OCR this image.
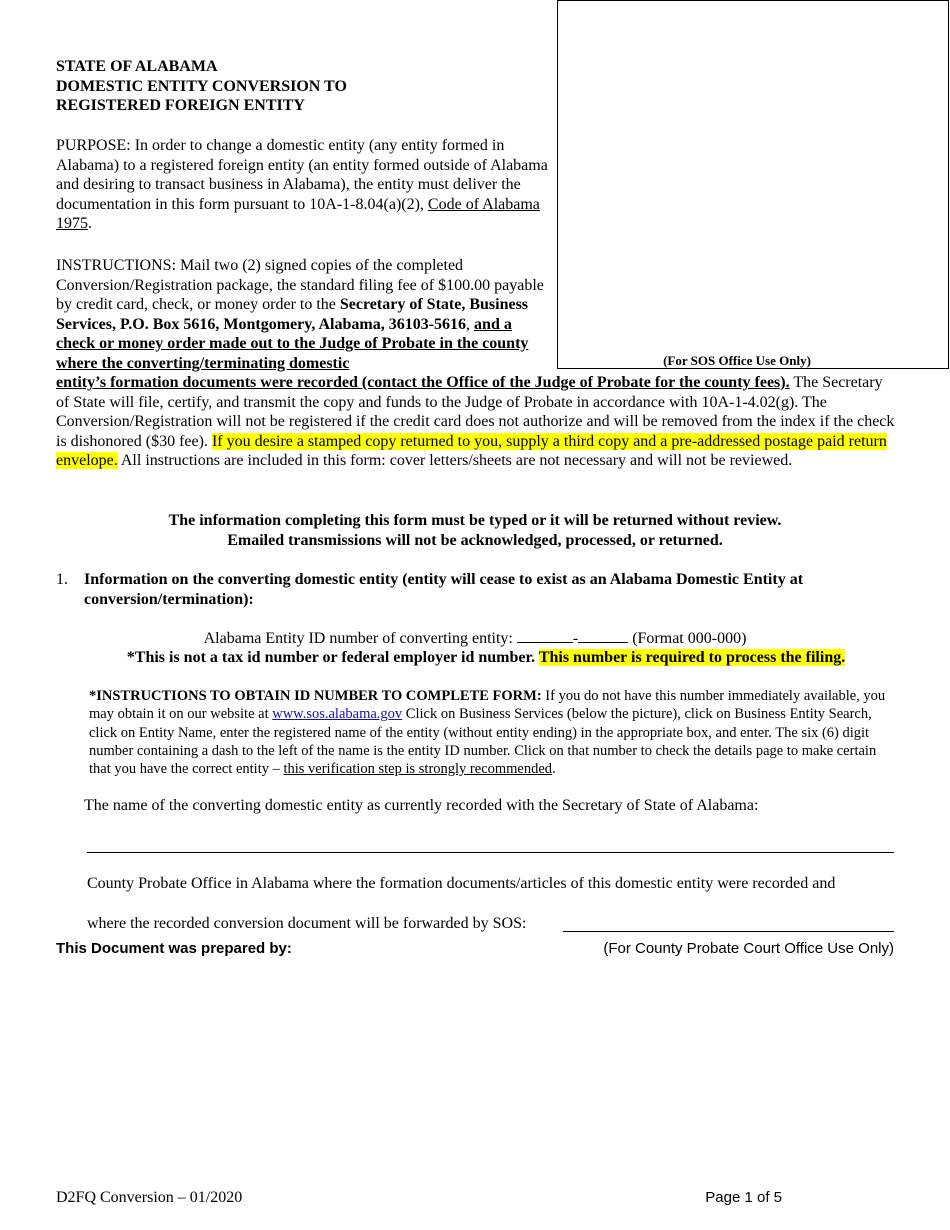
(For SOS Office Use Only)
STATE OF ALABAMA
DOMESTIC ENTITY CONVERSION TO
REGISTERED FOREIGN ENTITY
PURPOSE: In order to change a domestic entity (any entity formed in Alabama) to a registered foreign entity (an entity formed outside of Alabama and desiring to transact business in Alabama), the entity must deliver the documentation in this form pursuant to 10A-1-8.04(a)(2), Code of Alabama 1975.
INSTRUCTIONS: Mail two (2) signed copies of the completed Conversion/Registration package, the standard filing fee of $100.00 payable by credit card, check, or money order to the Secretary of State, Business Services, P.O. Box 5616, Montgomery, Alabama, 36103-5616, and a check or money order made out to the Judge of Probate in the county where the converting/terminating domestic
entity’s formation documents were recorded (contact the Office of the Judge of Probate for the county fees). The Secretary of State will file, certify, and transmit the copy and funds to the Judge of Probate in accordance with 10A-1-4.02(g). The Conversion/Registration will not be registered if the credit card does not authorize and will be removed from the index if the check is dishonored ($30 fee). If you desire a stamped copy returned to you, supply a third copy and a pre-addressed postage paid return envelope. All instructions are included in this form: cover letters/sheets are not necessary and will not be reviewed.
The information completing this form must be typed or it will be returned without review.
Emailed transmissions will not be acknowledged, processed, or returned.
1. Information on the converting domestic entity (entity will cease to exist as an Alabama Domestic Entity at conversion/termination):
Alabama Entity ID number of converting entity:	-	(Format 000-000)
*This is not a tax id number or federal employer id number. This number is required to process the filing.
*INSTRUCTIONS TO OBTAIN ID NUMBER TO COMPLETE FORM: If you do not have this number immediately available, you may obtain it on our website at www.sos.alabama.gov Click on Business Services (below the picture), click on Business Entity Search, click on Entity Name, enter the registered name of the entity (without entity ending) in the appropriate box, and enter. The six (6) digit number containing a dash to the left of the name is the entity ID number. Click on that number to check the details page to make certain that you have the correct entity – this verification step is strongly recommended.
The name of the converting domestic entity as currently recorded with the Secretary of State of Alabama:
County Probate Office in Alabama where the formation documents/articles of this domestic entity were recorded and
where the recorded conversion document will be forwarded by SOS:
This Document was prepared by:	(For County Probate Court Office Use Only)
D2FQ Conversion – 01/2020	Page 1 of 5
